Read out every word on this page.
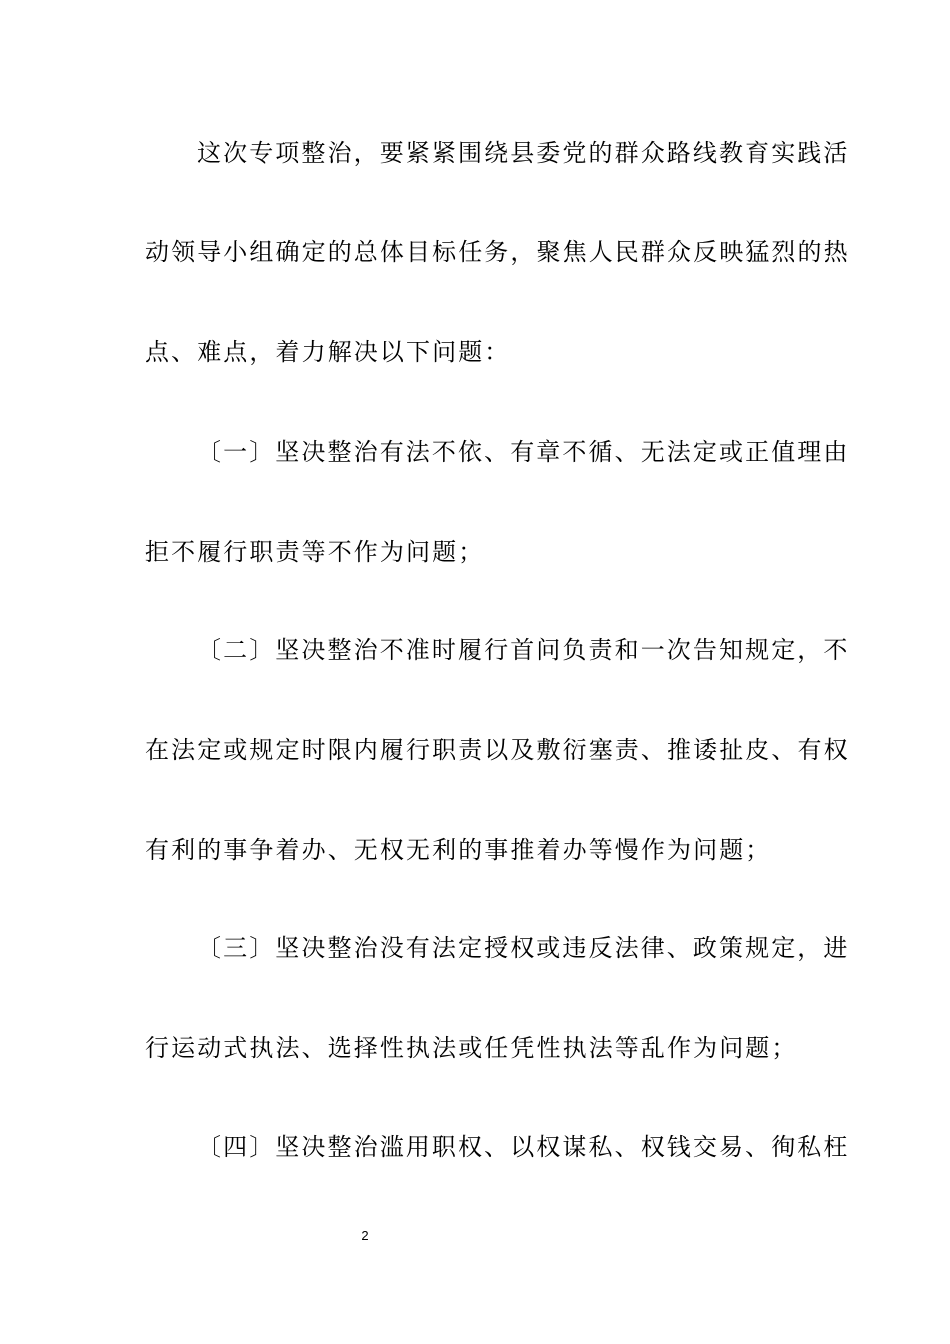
这次专项整治，要紧紧围绕县委党的群众路线教育实践活
动领导小组确定的总体目标任务，聚焦人民群众反映猛烈的热
点、难点，着力解决以下问题：
〔一〕坚决整治有法不依、有章不循、无法定或正值理由
拒不履行职责等不作为问题；
〔二〕坚决整治不准时履行首问负责和一次告知规定，不
在法定或规定时限内履行职责以及敷衍塞责、推诿扯皮、有权
有利的事争着办、无权无利的事推着办等慢作为问题；
〔三〕坚决整治没有法定授权或违反法律、政策规定，进
行运动式执法、选择性执法或任凭性执法等乱作为问题；
〔四〕坚决整治滥用职权、以权谋私、权钱交易、徇私枉
2
